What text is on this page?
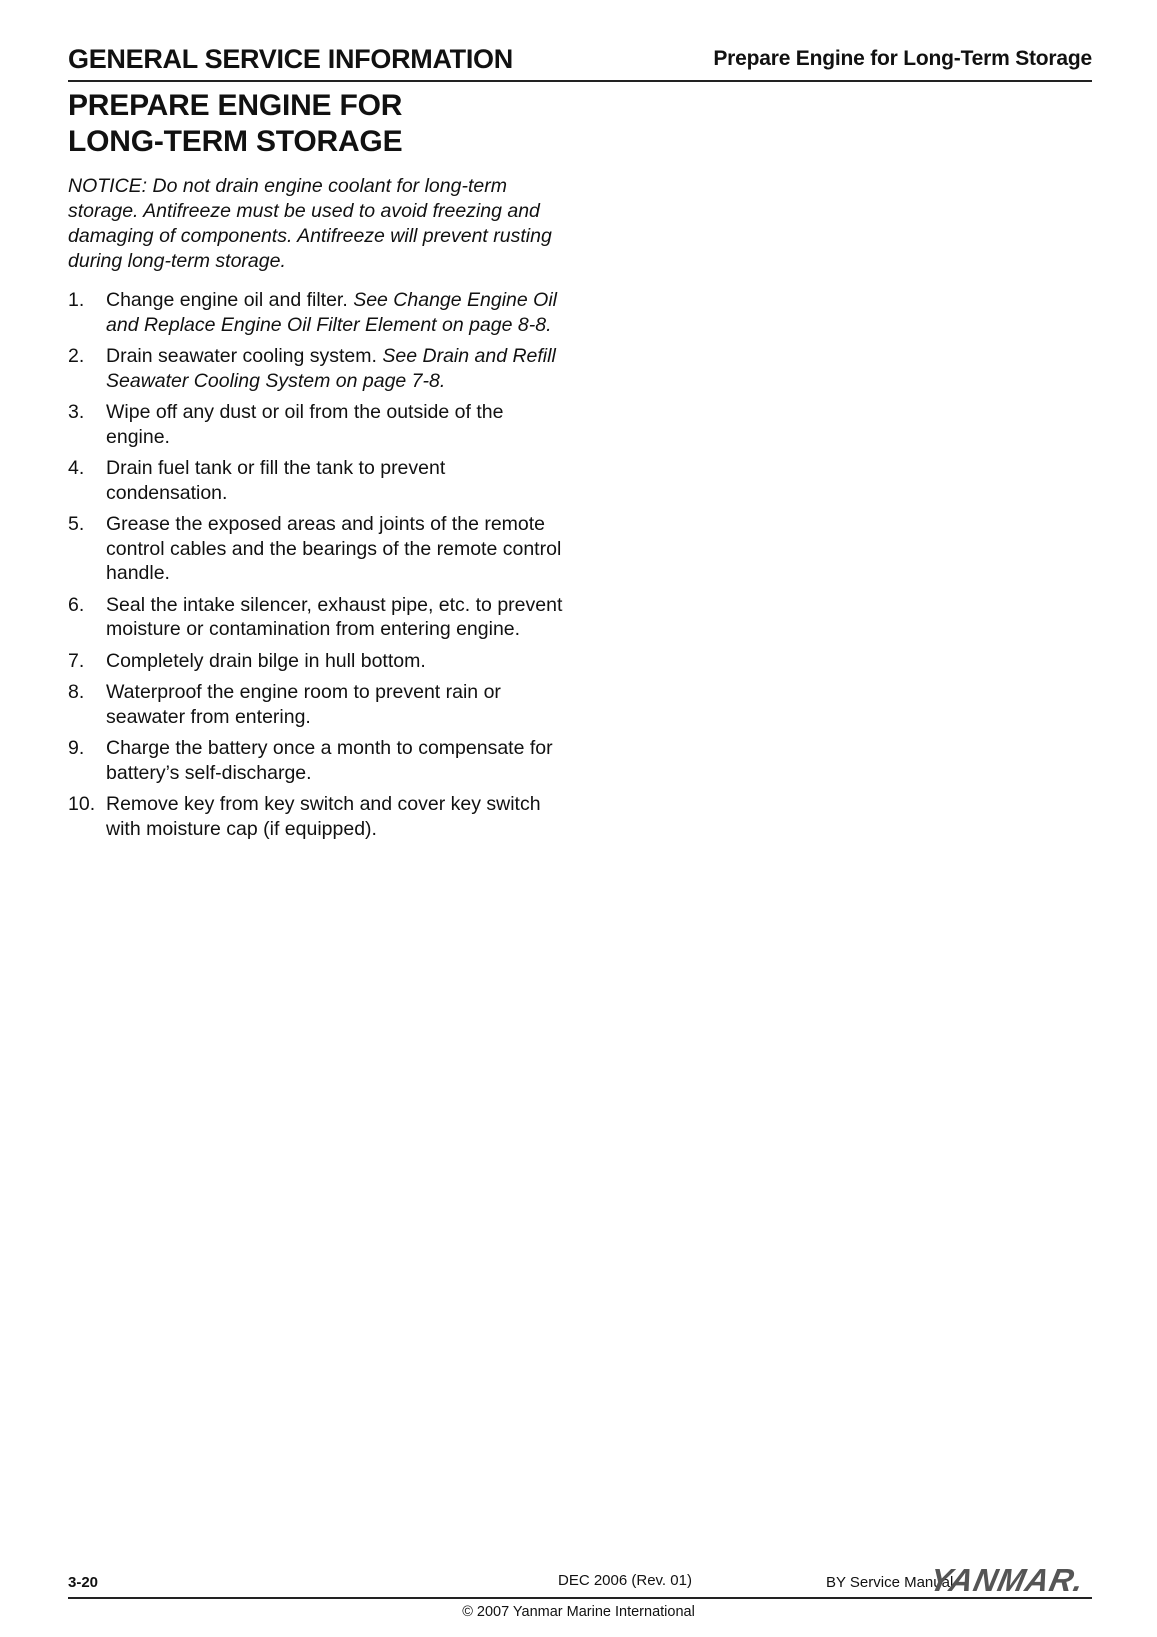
GENERAL SERVICE INFORMATION	Prepare Engine for Long-Term Storage
PREPARE ENGINE FOR
LONG-TERM STORAGE

NOTICE: Do not drain engine coolant for long-term storage. Antifreeze must be used to avoid freezing and damaging of components. Antifreeze will prevent rusting during long-term storage.

1. Change engine oil and filter. See Change Engine Oil and Replace Engine Oil Filter Element on page 8-8.
2. Drain seawater cooling system. See Drain and Refill Seawater Cooling System on page 7-8.
3. Wipe off any dust or oil from the outside of the engine.
4. Drain fuel tank or fill the tank to prevent condensation.
5. Grease the exposed areas and joints of the remote control cables and the bearings of the remote control handle.
6. Seal the intake silencer, exhaust pipe, etc. to prevent moisture or contamination from entering engine.
7. Completely drain bilge in hull bottom.
8. Waterproof the engine room to prevent rain or seawater from entering.
9. Charge the battery once a month to compensate for battery’s self-discharge.
10. Remove key from key switch and cover key switch with moisture cap (if equipped).
3-20	DEC 2006 (Rev. 01)	BY Service Manual
YANMAR.
© 2007 Yanmar Marine International
